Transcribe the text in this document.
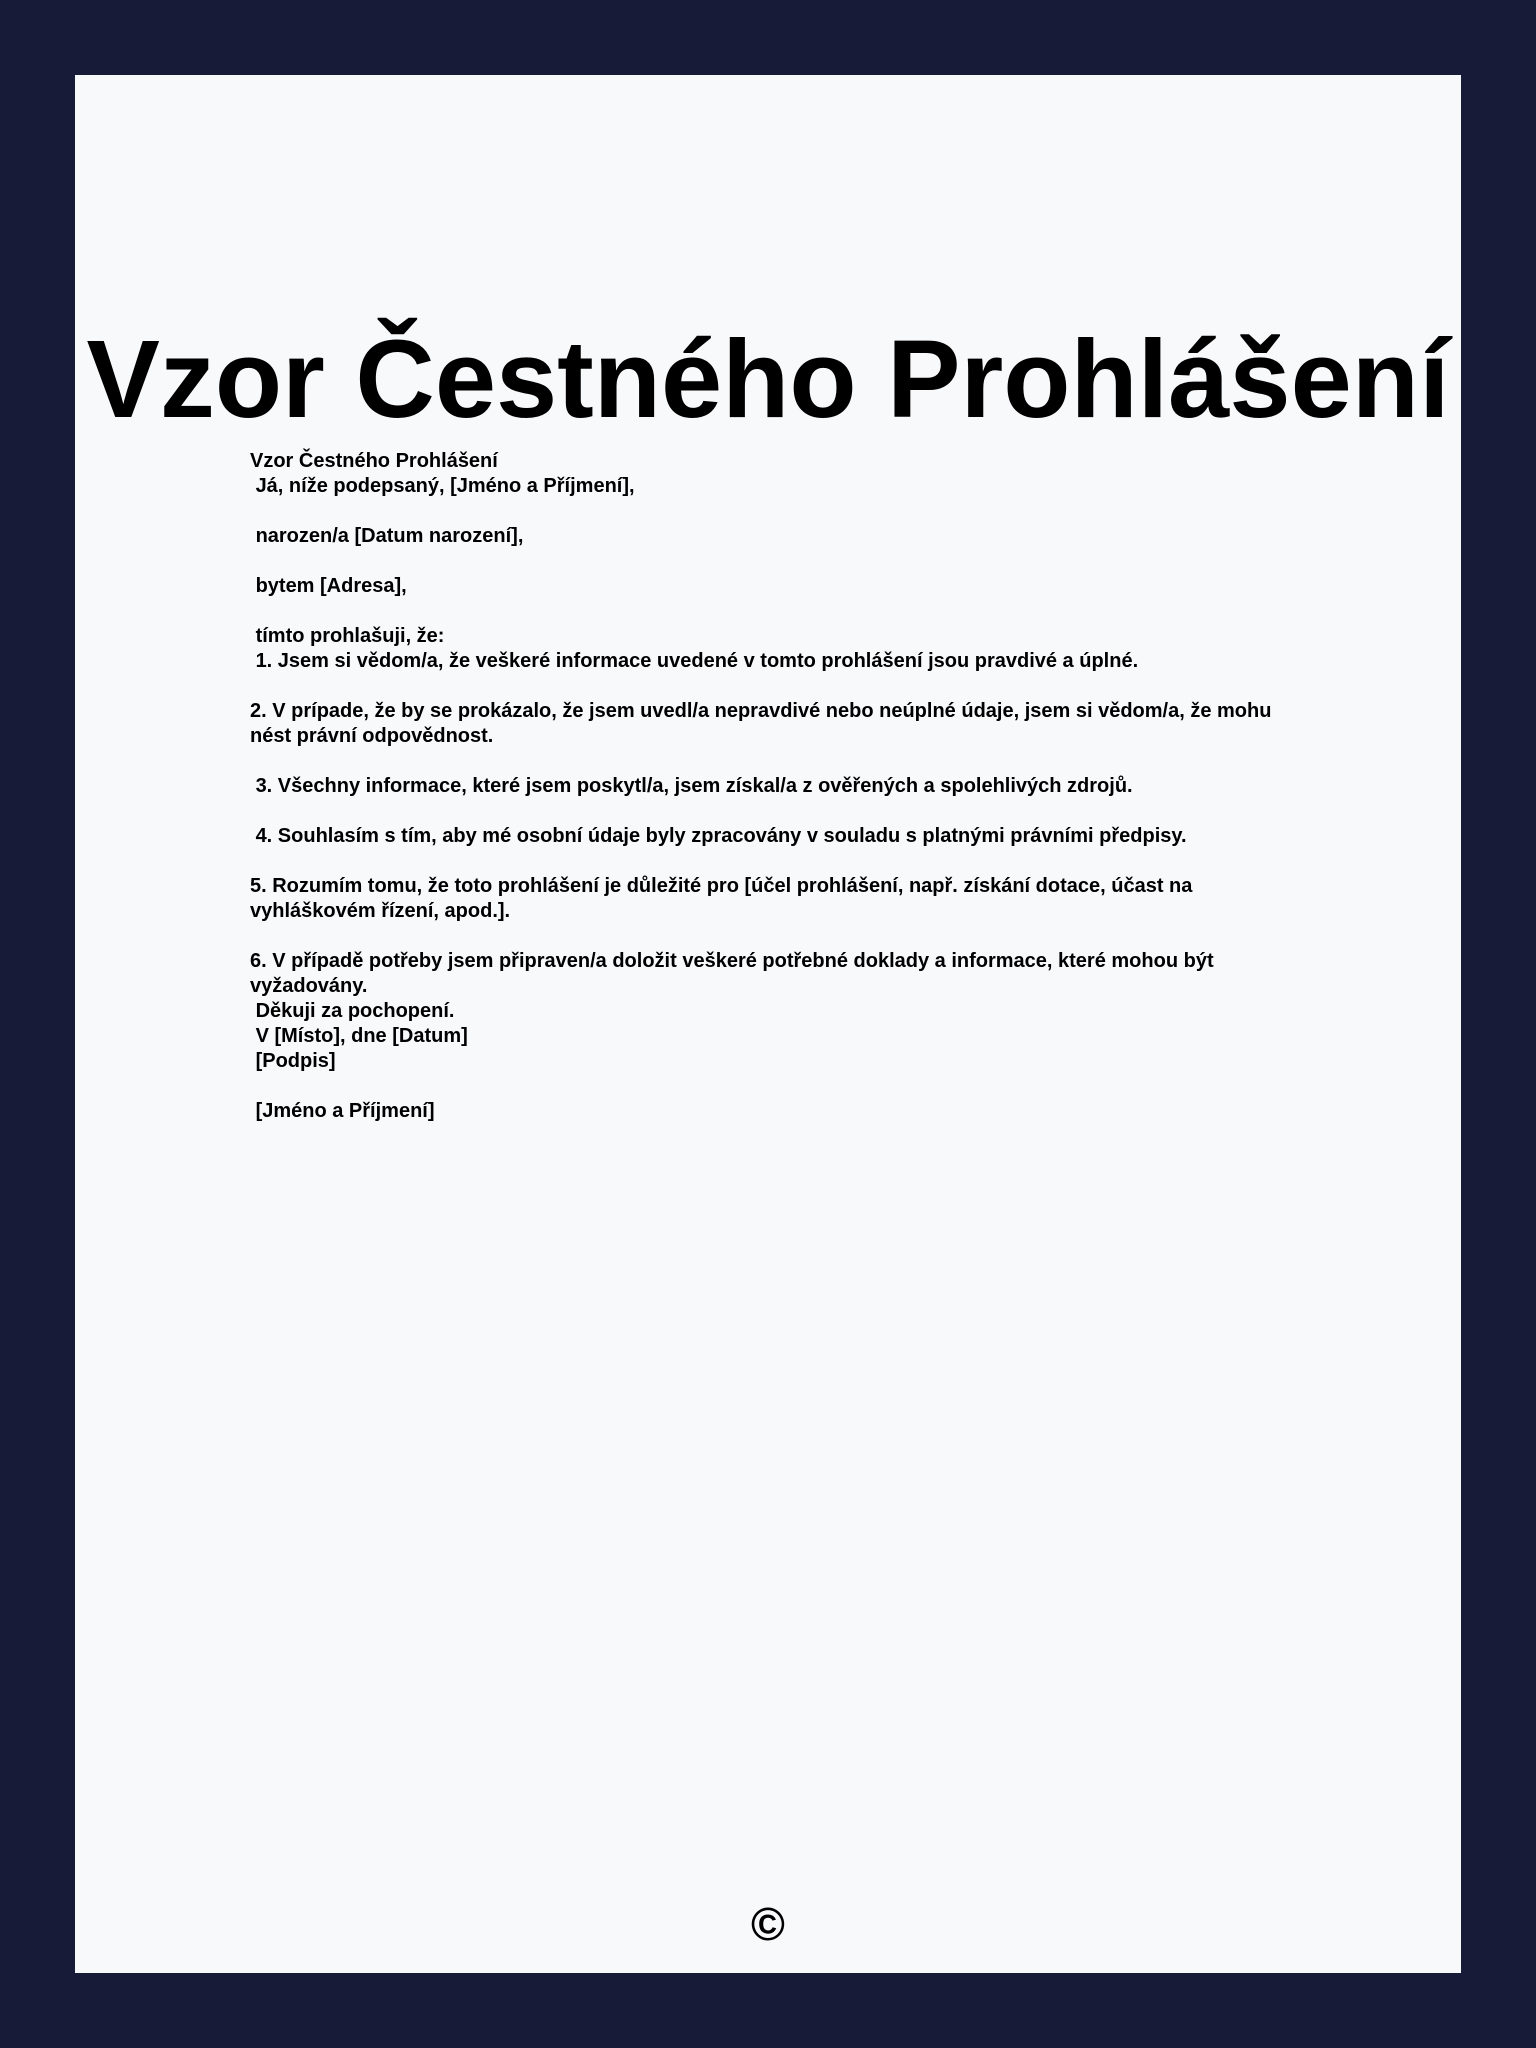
Vzor Čestného Prohlášení
Vzor Čestného Prohlášení
Já, níže podepsaný, [Jméno a Příjmení],

narozen/a [Datum narození],

bytem [Adresa],

tímto prohlašuji, že:
1. Jsem si vědom/a, že veškeré informace uvedené v tomto prohlášení jsou pravdivé a úplné.

2. V prípade, že by se prokázalo, že jsem uvedl/a nepravdivé nebo neúplné údaje, jsem si vědom/a, že mohu nést právní odpovědnost.

3. Všechny informace, které jsem poskytl/a, jsem získal/a z ověřených a spolehlivých zdrojů.

4. Souhlasím s tím, aby mé osobní údaje byly zpracovány v souladu s platnými právními předpisy.

5. Rozumím tomu, že toto prohlášení je důležité pro [účel prohlášení, např. získání dotace, účast na vyhláškovém řízení, apod.].

6. V případě potřeby jsem připraven/a doložit veškeré potřebné doklady a informace, které mohou být vyžadovány.
Děkuji za pochopení.
V [Místo], dne [Datum]
[Podpis]

[Jméno a Příjmení]
©
